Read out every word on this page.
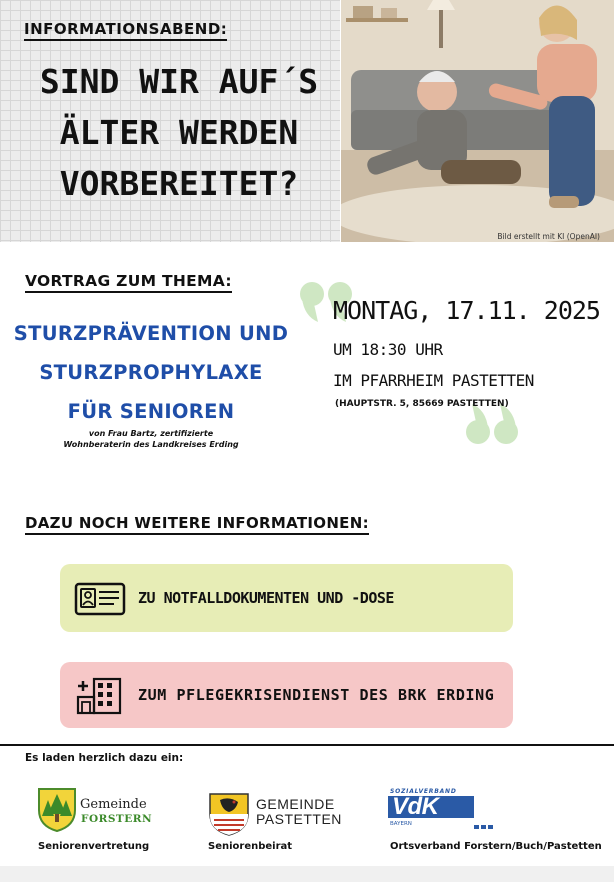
INFORMATIONSABEND:
SIND WIR AUF´S
ÄLTER WERDEN
VORBEREITET?
Bild erstellt mit KI (OpenAI)
VORTRAG ZUM THEMA:
STURZPRÄVENTION UND
STURZPROPHYLAXE
FÜR SENIOREN
von Frau Bartz, zertifizierte
Wohnberaterin des Landkreises Erding
MONTAG, 17.11. 2025
UM 18:30 UHR
IM PFARRHEIM PASTETTEN
(HAUPTSTR. 5, 85669 PASTETTEN)
DAZU NOCH WEITERE INFORMATIONEN:
ZU NOTFALLDOKUMENTEN UND -DOSE
ZUM PFLEGEKRISENDIENST DES BRK ERDING
Es laden herzlich dazu ein:
Gemeinde
FORSTERN
Seniorenvertretung
GEMEINDE
PASTETTEN
Seniorenbeirat
SOZIALVERBAND
VdK
BAYERN
Ortsverband Forstern/Buch/Pastetten
